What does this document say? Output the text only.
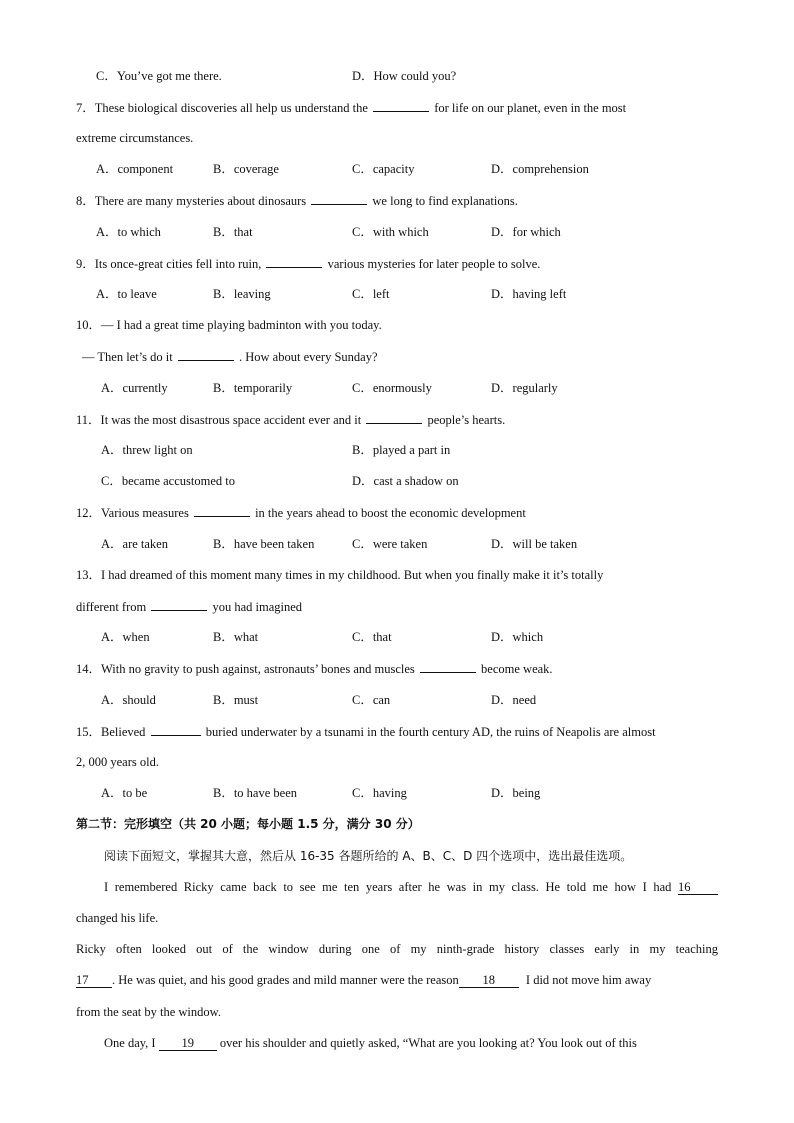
C．You’ve got me there.	D．How could you?
7．These biological discoveries all help us understand the	for life on our planet, even in the most
extreme circumstances.
A．component	B．coverage	C．capacity	D．comprehension
8．There are many mysteries about dinosaurs	we long to find explanations.
A．to which	B．that	C．with which	D．for which
9．Its once-great cities fell into ruin,	various mysteries for later people to solve.
A．to leave	B．leaving	C．left	D．having left
10．— I had a great time playing badminton with you today.
— Then let’s do it	. How about every Sunday?
A．currently	B．temporarily	C．enormously	D．regularly
11．It was the most disastrous space accident ever and it	people’s hearts.
A．threw light on	B．played a part in
C．became accustomed to	D．cast a shadow on
12．Various measures	in the years ahead to boost the economic development
A．are taken	B．have been taken	C．were taken	D．will be taken
13．I had dreamed of this moment many times in my childhood. But when you finally make it it’s totally
different from	you had imagined
A．when	B．what	C．that	D．which
14．With no gravity to push against, astronauts’ bones and muscles	become weak.
A．should	B．must	C．can	D．need
15．Believed	buried underwater by a tsunami in the fourth century AD, the ruins of Neapolis are almost
2, 000 years old.
A．to be	B．to have been	C．having	D．being
第二节：完形填空（共 20 小题；每小题 1.5 分，满分 30 分）
阅读下面短文，掌握其大意，然后从 16-35 各题所给的 A、B、C、D 四个选项中，选出最佳选项。
I remembered Ricky came back to see me ten years after he was in my class. He told me how I had 16
changed his life.
Ricky often looked out of the window during one of my ninth-grade history classes early in my teaching
17 . He was quiet, and his good grades and mild manner were the reason 18 I did not move him away
from the seat by the window.
One day, I 19 over his shoulder and quietly asked, “What are you looking at? You look out of this
